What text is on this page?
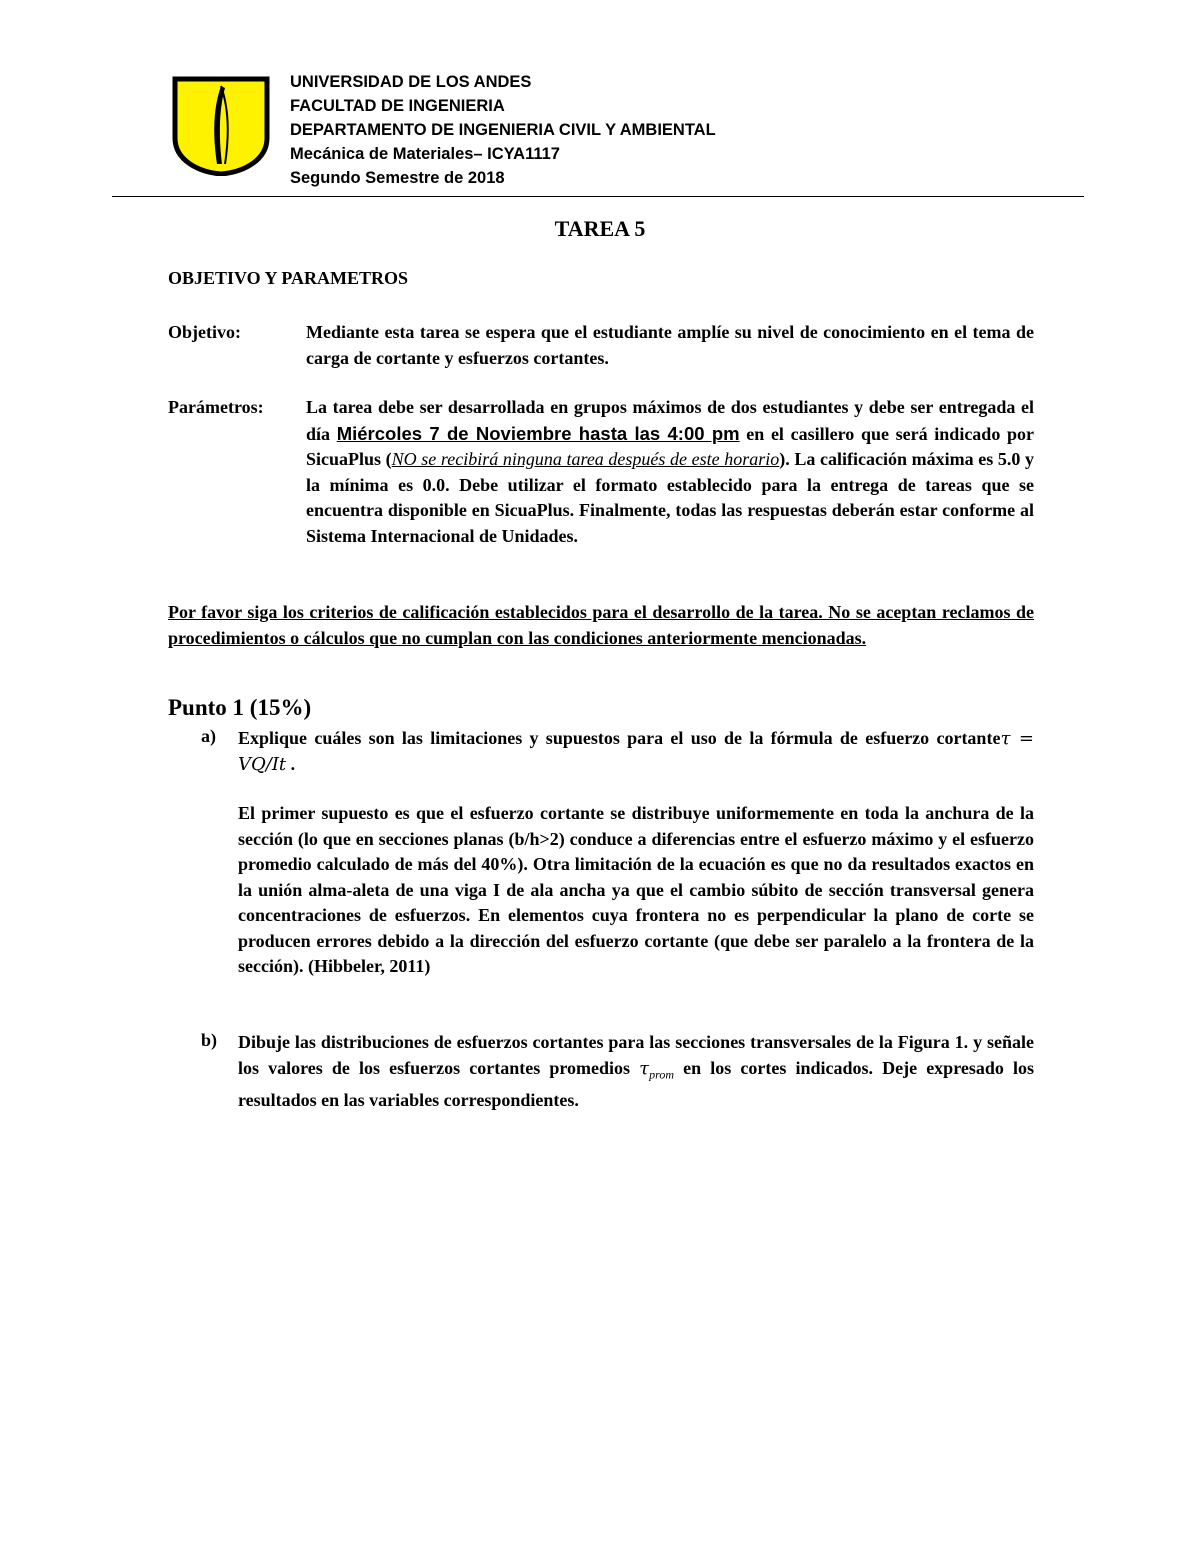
UNIVERSIDAD DE LOS ANDES
FACULTAD DE INGENIERIA
DEPARTAMENTO DE INGENIERIA CIVIL Y AMBIENTAL
Mecánica de Materiales– ICYA1117
Segundo Semestre de 2018
TAREA 5
OBJETIVO Y PARAMETROS
Objetivo:	Mediante esta tarea se espera que el estudiante amplíe su nivel de conocimiento en el tema de carga de cortante y esfuerzos cortantes.
Parámetros: La tarea debe ser desarrollada en grupos máximos de dos estudiantes y debe ser entregada el día Miércoles 7 de Noviembre hasta las 4:00 pm en el casillero que será indicado por SicuaPlus (NO se recibirá ninguna tarea después de este horario). La calificación máxima es 5.0 y la mínima es 0.0. Debe utilizar el formato establecido para la entrega de tareas que se encuentra disponible en SicuaPlus. Finalmente, todas las respuestas deberán estar conforme al Sistema Internacional de Unidades.
Por favor siga los criterios de calificación establecidos para el desarrollo de la tarea. No se aceptan reclamos de procedimientos o cálculos que no cumplan con las condiciones anteriormente mencionadas.
Punto 1 (15%)
a) Explique cuáles son las limitaciones y supuestos para el uso de la fórmula de esfuerzo cortanteτ = VQ/It .
El primer supuesto es que el esfuerzo cortante se distribuye uniformemente en toda la anchura de la sección (lo que en secciones planas (b/h>2) conduce a diferencias entre el esfuerzo máximo y el esfuerzo promedio calculado de más del 40%). Otra limitación de la ecuación es que no da resultados exactos en la unión alma-aleta de una viga I de ala ancha ya que el cambio súbito de sección transversal genera concentraciones de esfuerzos. En elementos cuya frontera no es perpendicular la plano de corte se producen errores debido a la dirección del esfuerzo cortante (que debe ser paralelo a la frontera de la sección). (Hibbeler, 2011)
b) Dibuje las distribuciones de esfuerzos cortantes para las secciones transversales de la Figura 1. y señale los valores de los esfuerzos cortantes promedios $\tau_{prom}$ en los cortes indicados. Deje expresado los resultados en las variables correspondientes.
